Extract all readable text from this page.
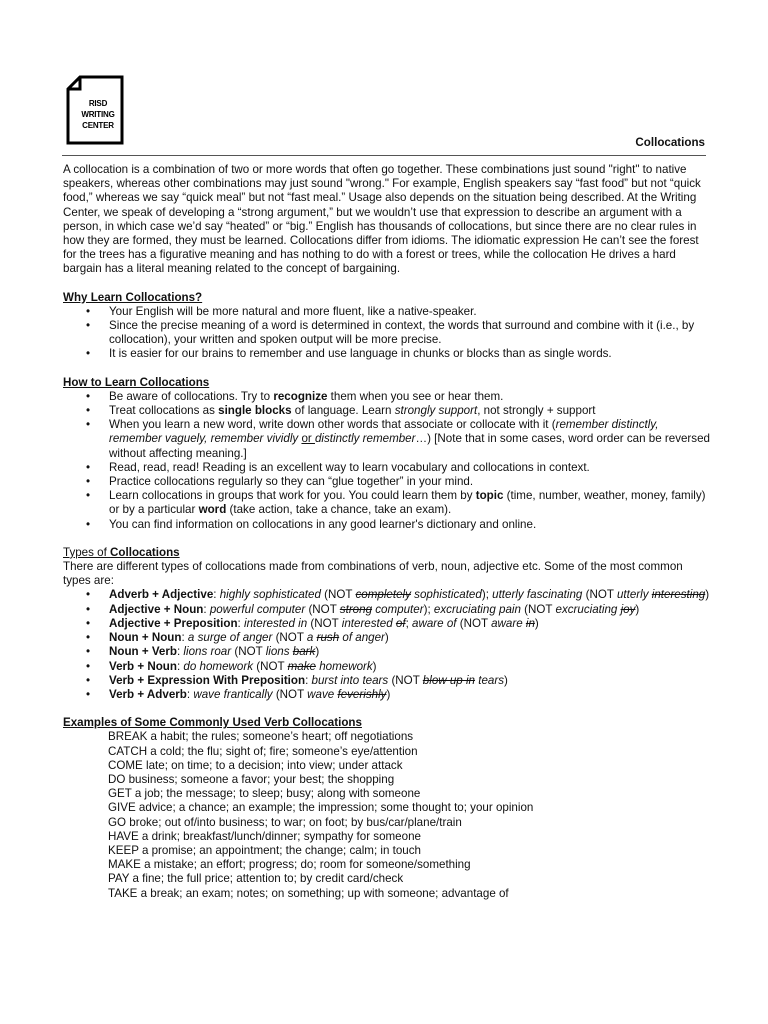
RISD
WRITING
CENTER
Collocations

A collocation is a combination of two or more words that often go together. These combinations just sound "right" to native speakers, whereas other combinations may just sound "wrong." For example, English speakers say “fast food” but not “quick food,” whereas we say “quick meal” but not “fast meal.” Usage also depends on the situation being described. At the Writing Center, we speak of developing a “strong argument,” but we wouldn’t use that expression to describe an argument with a person, in which case we’d say “heated” or “big.” English has thousands of collocations, but since there are no clear rules in how they are formed, they must be learned. Collocations differ from idioms. The idiomatic expression He can’t see the forest for the trees has a figurative meaning and has nothing to do with a forest or trees, while the collocation He drives a hard bargain has a literal meaning related to the concept of bargaining.

Why Learn Collocations?
• Your English will be more natural and more fluent, like a native-speaker.
• Since the precise meaning of a word is determined in context, the words that surround and combine with it (i.e., by collocation), your written and spoken output will be more precise.
• It is easier for our brains to remember and use language in chunks or blocks than as single words.
How to Learn Collocations
• Be aware of collocations. Try to recognize them when you see or hear them.
• Treat collocations as single blocks of language. Learn strongly support, not strongly + support
• When you learn a new word, write down other words that associate or collocate with it (remember distinctly, remember vaguely, remember vividly or distinctly remember…) [Note that in some cases, word order can be reversed without affecting meaning.]
• Read, read, read! Reading is an excellent way to learn vocabulary and collocations in context.
• Practice collocations regularly so they can “glue together” in your mind.
• Learn collocations in groups that work for you. You could learn them by topic (time, number, weather, money, family) or by a particular word (take action, take a chance, take an exam).
• You can find information on collocations in any good learner's dictionary and online.
Types of Collocations

There are different types of collocations made from combinations of verb, noun, adjective etc. Some of the most common types are:

• Adverb + Adjective: highly sophisticated (NOT completely sophisticated); utterly fascinating (NOT utterly interesting)
• Adjective + Noun: powerful computer (NOT strong computer); excruciating pain (NOT excruciating joy)
• Adjective + Preposition: interested in (NOT interested of; aware of (NOT aware in)
• Noun + Noun: a surge of anger (NOT a rush of anger)
• Noun + Verb: lions roar (NOT lions bark)
• Verb + Noun: do homework (NOT make homework)
• Verb + Expression With Preposition: burst into tears (NOT blow up in tears)
• Verb + Adverb: wave frantically (NOT wave feverishly)
Examples of Some Commonly Used Verb Collocations
BREAK a habit; the rules; someone’s heart; off negotiations
CATCH a cold; the flu; sight of; fire; someone’s eye/attention
COME late; on time; to a decision; into view; under attack
DO business; someone a favor; your best; the shopping
GET a job; the message; to sleep; busy; along with someone
GIVE advice; a chance; an example; the impression; some thought to; your opinion
GO broke; out of/into business; to war; on foot; by bus/car/plane/train
HAVE a drink; breakfast/lunch/dinner; sympathy for someone
KEEP a promise; an appointment; the change; calm; in touch
MAKE a mistake; an effort; progress; do; room for someone/something
PAY a fine; the full price; attention to; by credit card/check
TAKE a break; an exam; notes; on something; up with someone; advantage of
